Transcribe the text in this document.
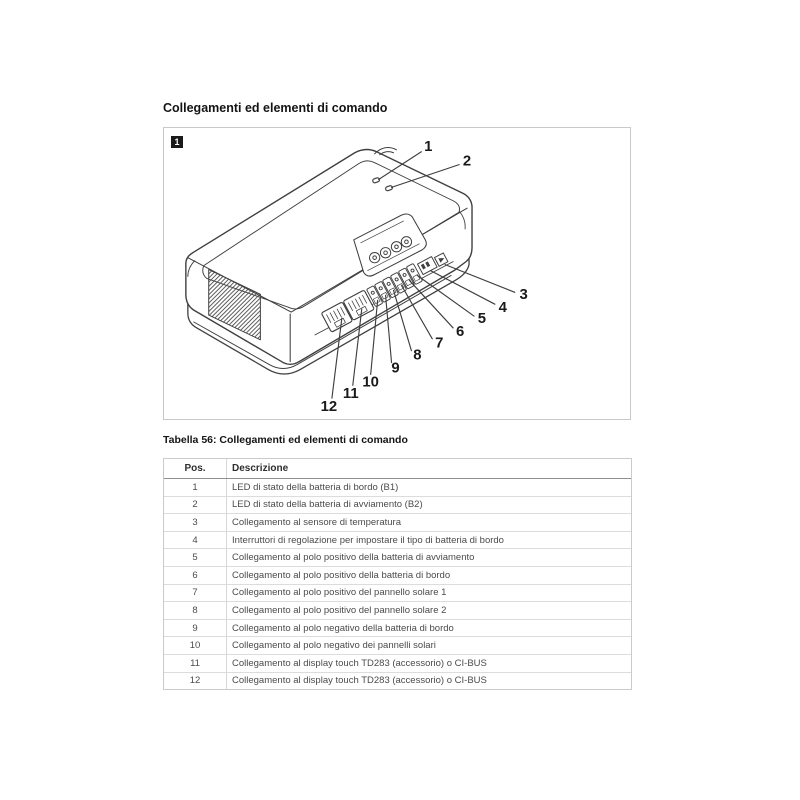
Collegamenti ed elementi di comando
1	1
2
3
4
5
6
7
8
9
10
11
12
Tabella 56: Collegamenti ed elementi di comando
Pos.	Descrizione
1	LED di stato della batteria di bordo (B1)
2	LED di stato della batteria di avviamento (B2)
3	Collegamento al sensore di temperatura
4	Interruttori di regolazione per impostare il tipo di batteria di bordo
5	Collegamento al polo positivo della batteria di avviamento
6	Collegamento al polo positivo della batteria di bordo
7	Collegamento al polo positivo del pannello solare 1
8	Collegamento al polo positivo del pannello solare 2
9	Collegamento al polo negativo della batteria di bordo
10	Collegamento al polo negativo dei pannelli solari
11	Collegamento al display touch TD283 (accessorio) o CI-BUS
12	Collegamento al display touch TD283 (accessorio) o CI-BUS
